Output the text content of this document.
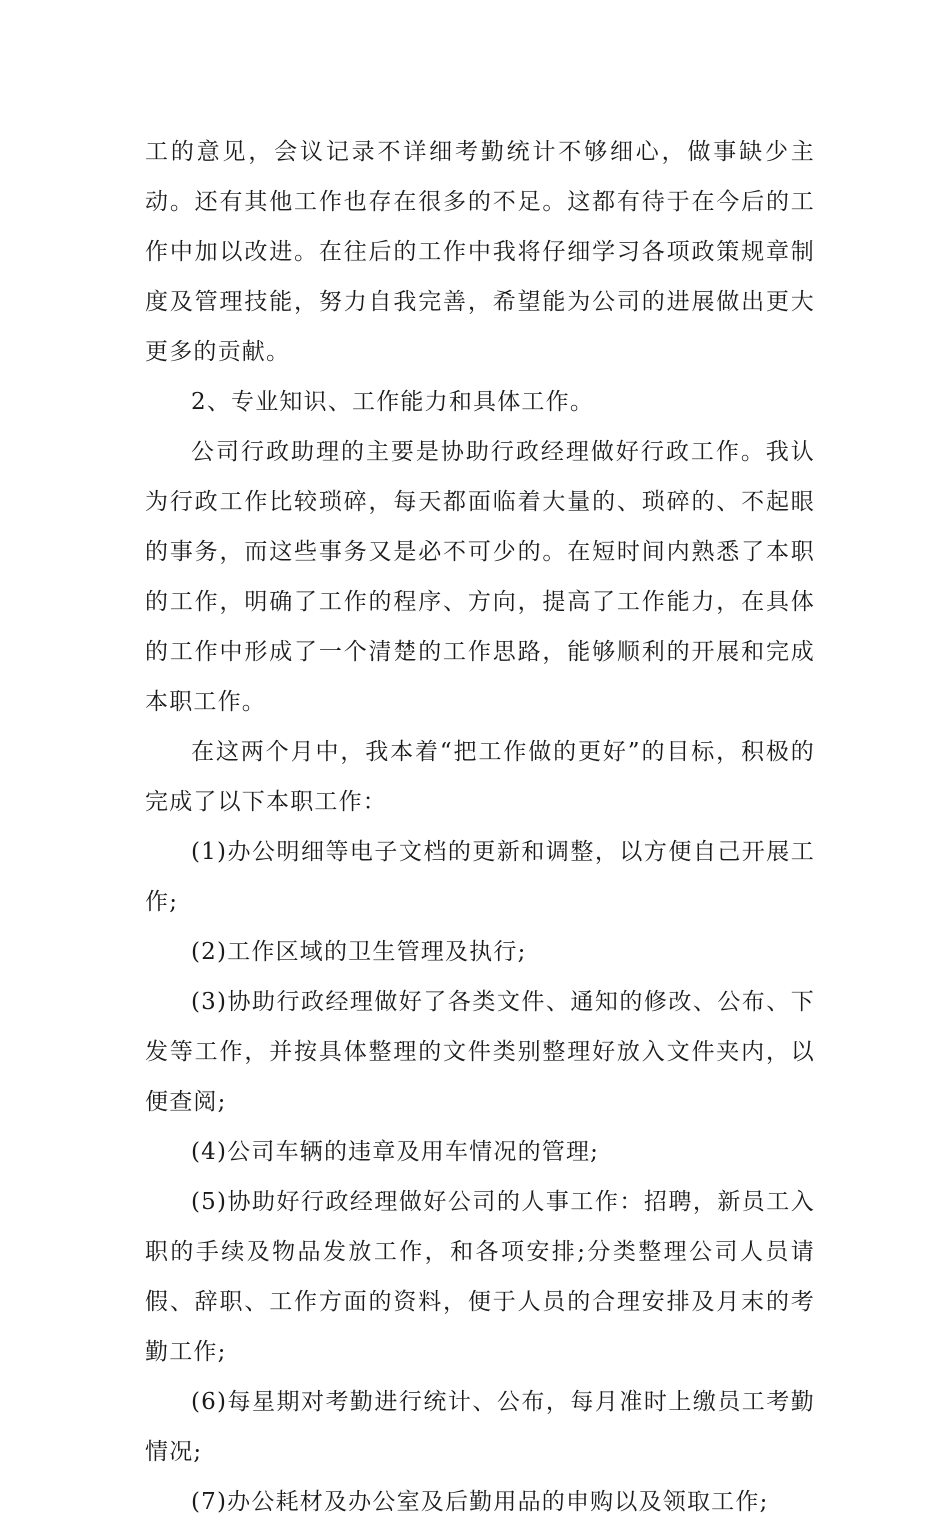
工的意见，会议记录不详细考勤统计不够细心，做事缺少主动。还有其他工作也存在很多的不足。这都有待于在今后的工作中加以改进。在往后的工作中我将仔细学习各项政策规章制度及管理技能，努力自我完善，希望能为公司的进展做出更大更多的贡献。

2、专业知识、工作能力和具体工作。

公司行政助理的主要是协助行政经理做好行政工作。我认为行政工作比较琐碎，每天都面临着大量的、琐碎的、不起眼的事务，而这些事务又是必不可少的。在短时间内熟悉了本职的工作，明确了工作的程序、方向，提高了工作能力，在具体的工作中形成了一个清楚的工作思路，能够顺利的开展和完成本职工作。

在这两个月中，我本着“把工作做的更好”的目标，积极的完成了以下本职工作：

(1)办公明细等电子文档的更新和调整，以方便自己开展工作;

(2)工作区域的卫生管理及执行;

(3)协助行政经理做好了各类文件、通知的修改、公布、下发等工作，并按具体整理的文件类别整理好放入文件夹内，以便查阅;

(4)公司车辆的违章及用车情况的管理;

(5)协助好行政经理做好公司的人事工作：招聘，新员工入职的手续及物品发放工作，和各项安排;分类整理公司人员请假、辞职、工作方面的资料，便于人员的合理安排及月末的考勤工作;

(6)每星期对考勤进行统计、公布，每月准时上缴员工考勤情况;

(7)办公耗材及办公室及后勤用品的申购以及领取工作;
